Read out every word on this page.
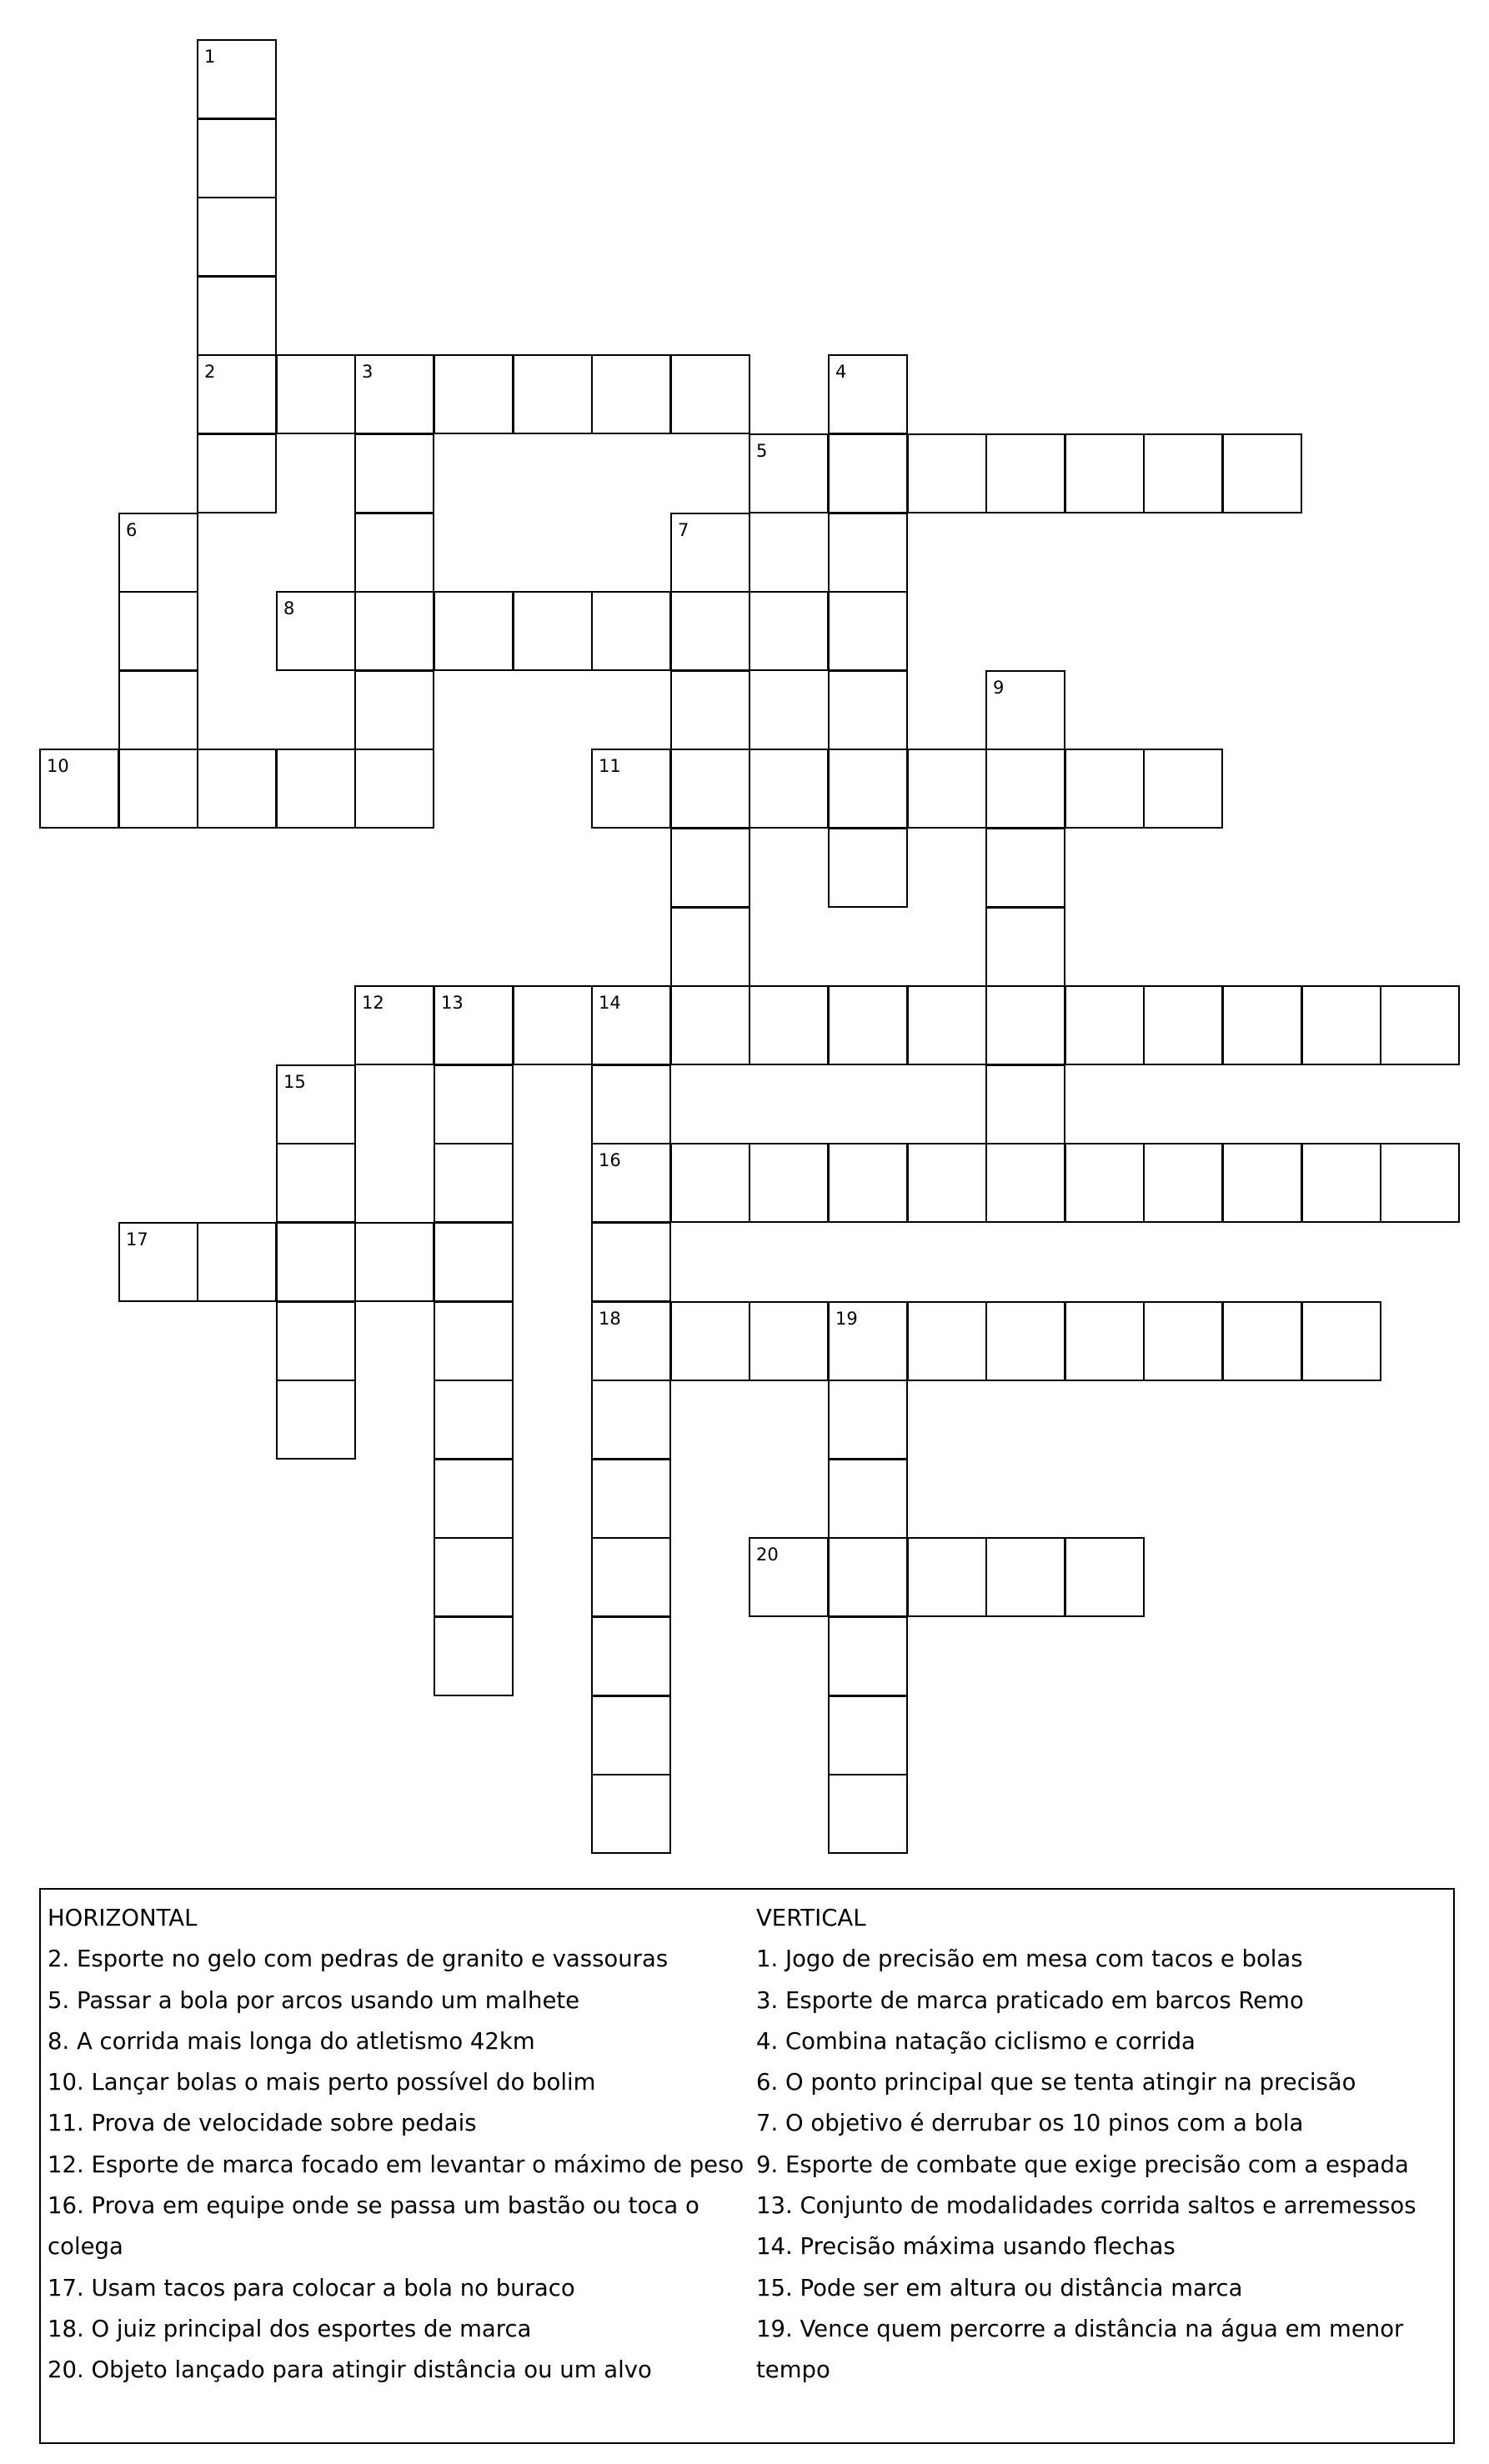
1
2	3	4
5
6	7
8
9
10	11
12	13	14
15
16
17
18	19
20
HORIZONTAL
2. Esporte no gelo com pedras de granito e vassouras
5. Passar a bola por arcos usando um malhete
8. A corrida mais longa do atletismo 42km
10. Lançar bolas o mais perto possível do bolim
11. Prova de velocidade sobre pedais
12. Esporte de marca focado em levantar o máximo de peso
16. Prova em equipe onde se passa um bastão ou toca o colega
17. Usam tacos para colocar a bola no buraco
18. O juiz principal dos esportes de marca
20. Objeto lançado para atingir distância ou um alvo
VERTICAL
1. Jogo de precisão em mesa com tacos e bolas
3. Esporte de marca praticado em barcos Remo
4. Combina natação ciclismo e corrida
6. O ponto principal que se tenta atingir na precisão
7. O objetivo é derrubar os 10 pinos com a bola
9. Esporte de combate que exige precisão com a espada
13. Conjunto de modalidades corrida saltos e arremessos
14. Precisão máxima usando flechas
15. Pode ser em altura ou distância marca
19. Vence quem percorre a distância na água em menor tempo
